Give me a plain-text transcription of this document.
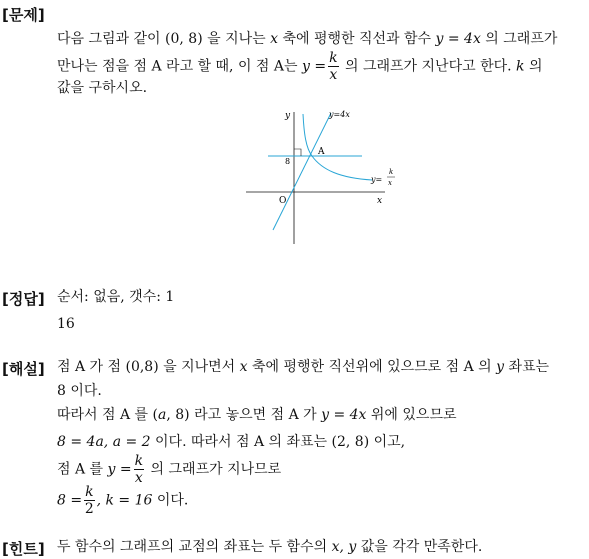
[문제]
다음 그림과 같이 (0, 8) 을 지나는 x 축에 평행한 직선과 함수 y = 4x 의 그래프가
만나는 점을 점 A 라고 할 때, 이 점 A는 $y = \frac{k}{x}$ 의 그래프가 지난다고 한다. k 의
값을 구하시오.
y
x
O
8
y=4x
A
y=
k
x
[정답] 순서: 없음, 갯수: 1
16
[해설] 점 A 가 점 (0,8) 을 지나면서 x 축에 평행한 직선위에 있으므로 점 A 의 y 좌표는
8 이다.
따라서 점 A 를 (a, 8) 라고 놓으면 점 A 가 y = 4x 위에 있으므로
8 = 4a, a = 2 이다. 따라서 점 A 의 좌표는 (2, 8) 이고,
점 A 를 $y = \frac{k}{x}$ 의 그래프가 지나므로
$8 = \frac{k}{2}$ , k = 16 이다.
[힌트] 두 함수의 그래프의 교점의 좌표는 두 함수의 x, y 값을 각각 만족한다.
